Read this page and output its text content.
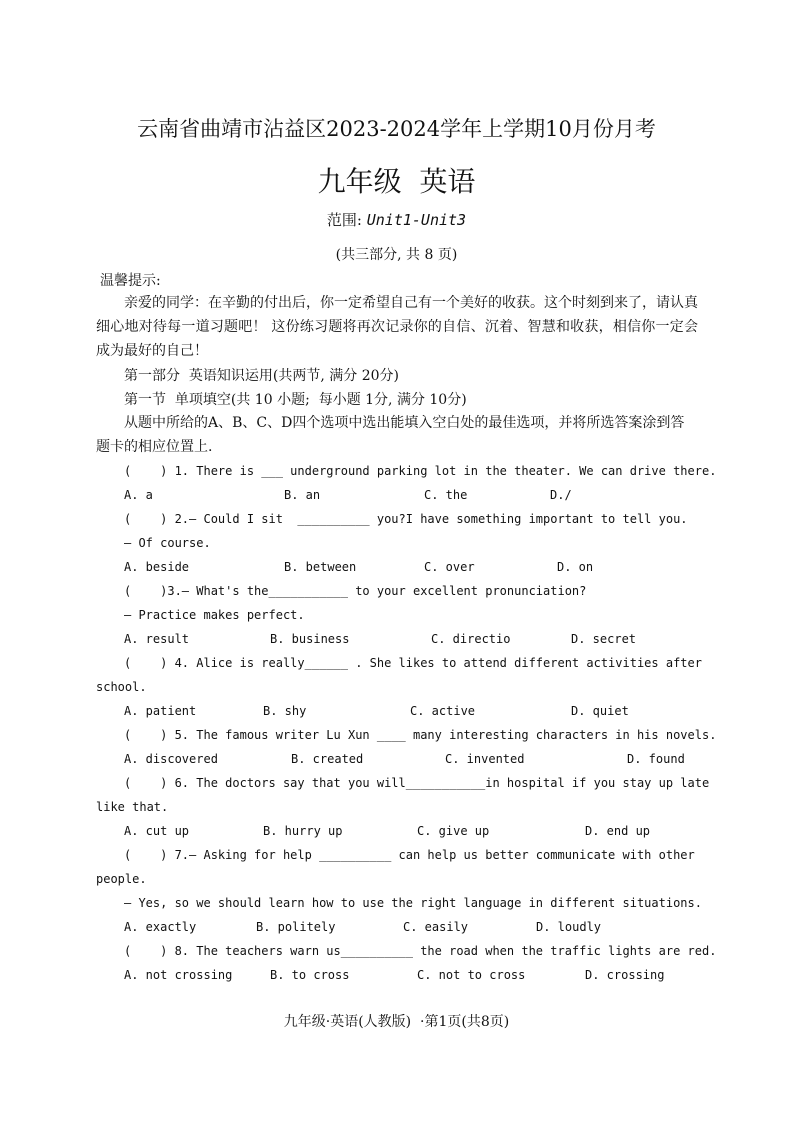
云南省曲靖市沾益区2023-2024学年上学期10月份月考
九年级  英语
范围: Unit1-Unit3
(共三部分, 共 8 页)
温馨提示:
亲爱的同学：在辛勤的付出后，你一定希望自己有一个美好的收获。这个时刻到来了，请认真细心地对待每一道习题吧！ 这份练习题将再次记录你的自信、沉着、智慧和收获，相信你一定会成为最好的自己！
第一部分  英语知识运用(共两节, 满分 20分)
第一节  单项填空(共 10 小题;  每小题 1分, 满分 10分)
从题中所给的A、B、C、D四个选项中选出能填入空白处的最佳选项，并将所选答案涂到答题卡的相应位置上.
(    ) 1. There is ___ underground parking lot in the theater. We can drive there.
A. a	B. an	C. the	D./
(    ) 2.— Could I sit  __________ you?I have something important to tell you.
— Of course.
A. beside	B. between	C. over	D. on
(    )3.— What's the___________ to your excellent pronunciation?
— Practice makes perfect.
A. result	B. business	C. directio	D. secret
(    ) 4. Alice is really______ . She likes to attend different activities after
school.
A. patient	B. shy	C. active	D. quiet
(    ) 5. The famous writer Lu Xun ____ many interesting characters in his novels.
A. discovered	B. created	C. invented	D. found
(    ) 6. The doctors say that you will___________in hospital if you stay up late
like that.
A. cut up	B. hurry up	C. give up	D. end up
(    ) 7.— Asking for help __________ can help us better communicate with other
people.
— Yes, so we should learn how to use the right language in different situations.
A. exactly	B. politely	C. easily	D. loudly
(    ) 8. The teachers warn us__________ the road when the traffic lights are red.
A. not crossing	B. to cross	C. not to cross	D. crossing
九年级·英语(人教版)  ·第1页(共8页)
